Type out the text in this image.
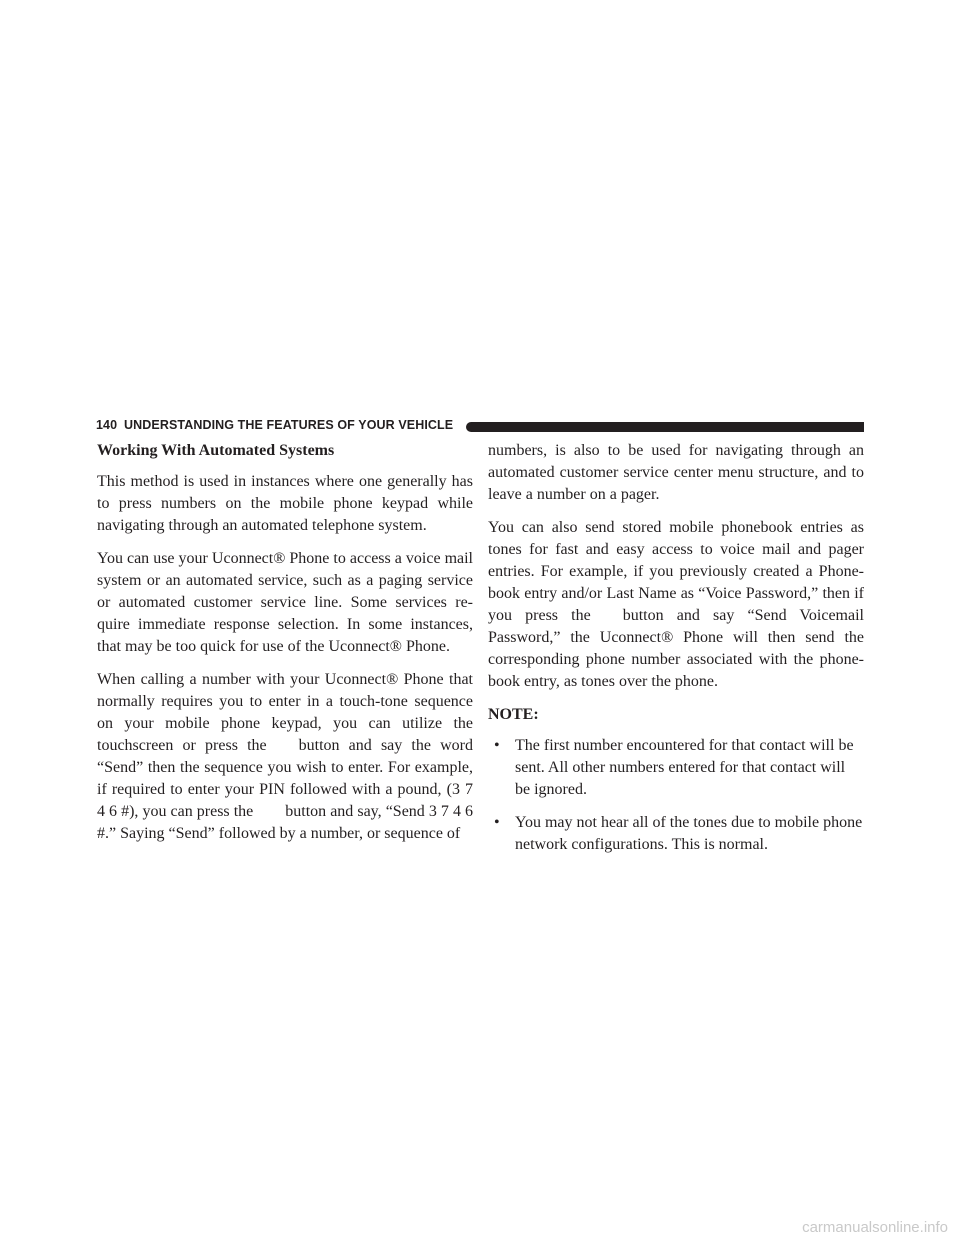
140 UNDERSTANDING THE FEATURES OF YOUR VEHICLE
Working With Automated Systems

This method is used in instances where one generally has to press numbers on the mobile phone keypad while navigating through an automated telephone system.

You can use your Uconnect® Phone to access a voice mail system or an automated service, such as a paging service or automated customer service line. Some services re-quire immediate response selection. In some instances, that may be too quick for use of the Uconnect® Phone.

When calling a number with your Uconnect® Phone that normally requires you to enter in a touch-tone sequence on your mobile phone keypad, you can utilize the touchscreen or press the button and say the word “Send” then the sequence you wish to enter. For example, if required to enter your PIN followed with a pound, (3 7 4 6 #), you can press the button and say, “Send 3 7 4 6 #.” Saying “Send” followed by a number, or sequence of

numbers, is also to be used for navigating through an automated customer service center menu structure, and to leave a number on a pager.

You can also send stored mobile phonebook entries as tones for fast and easy access to voice mail and pager entries. For example, if you previously created a Phone-book entry and/or Last Name as “Voice Password,” then if you press the button and say “Send Voicemail Password,” the Uconnect® Phone will then send the corresponding phone number associated with the phone-book entry, as tones over the phone.

NOTE:
• The first number encountered for that contact will be sent. All other numbers entered for that contact will be ignored.
• You may not hear all of the tones due to mobile phone network configurations. This is normal.
carmanualsonline.info
